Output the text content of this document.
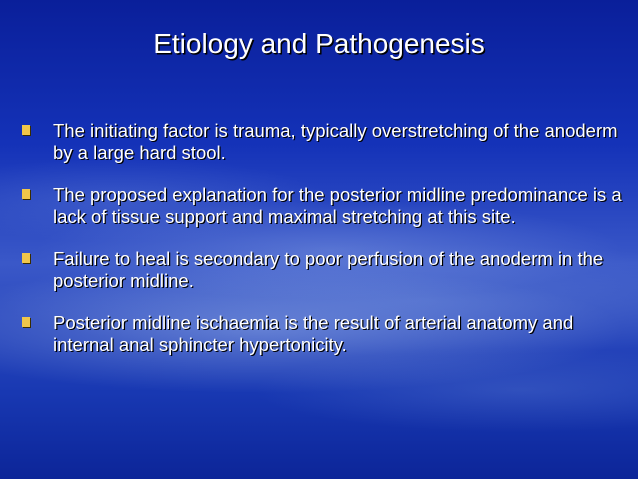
Etiology and Pathogenesis
The initiating factor is trauma, typically overstretching of the anoderm by a large hard stool.
The proposed explanation for the posterior midline predominance is a lack of tissue support and maximal stretching at this site.
Failure to heal is secondary to poor perfusion of the anoderm in the posterior midline.
Posterior midline ischaemia is the result of arterial anatomy and internal anal sphincter hypertonicity.
